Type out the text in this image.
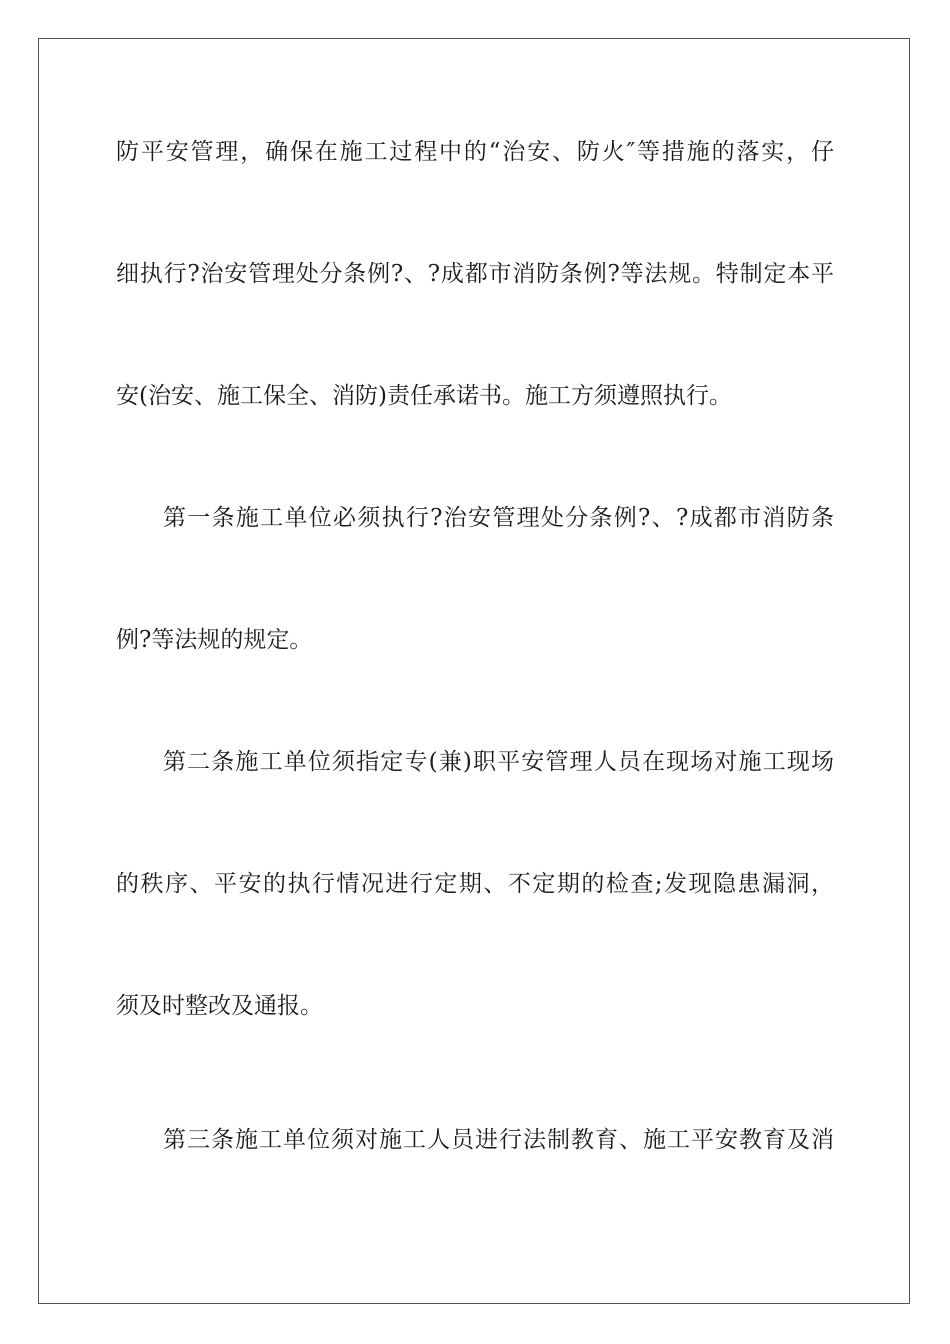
防平安管理，确保在施工过程中的“治安、防火″等措施的落实，仔

细执行?治安管理处分条例?、?成都市消防条例?等法规。特制定本平

安(治安、施工保全、消防)责任承诺书。施工方须遵照执行。

第一条施工单位必须执行?治安管理处分条例?、?成都市消防条

例?等法规的规定。

第二条施工单位须指定专(兼)职平安管理人员在现场对施工现场

的秩序、平安的执行情况进行定期、不定期的检查;发现隐患漏洞，

须及时整改及通报。

第三条施工单位须对施工人员进行法制教育、施工平安教育及消
